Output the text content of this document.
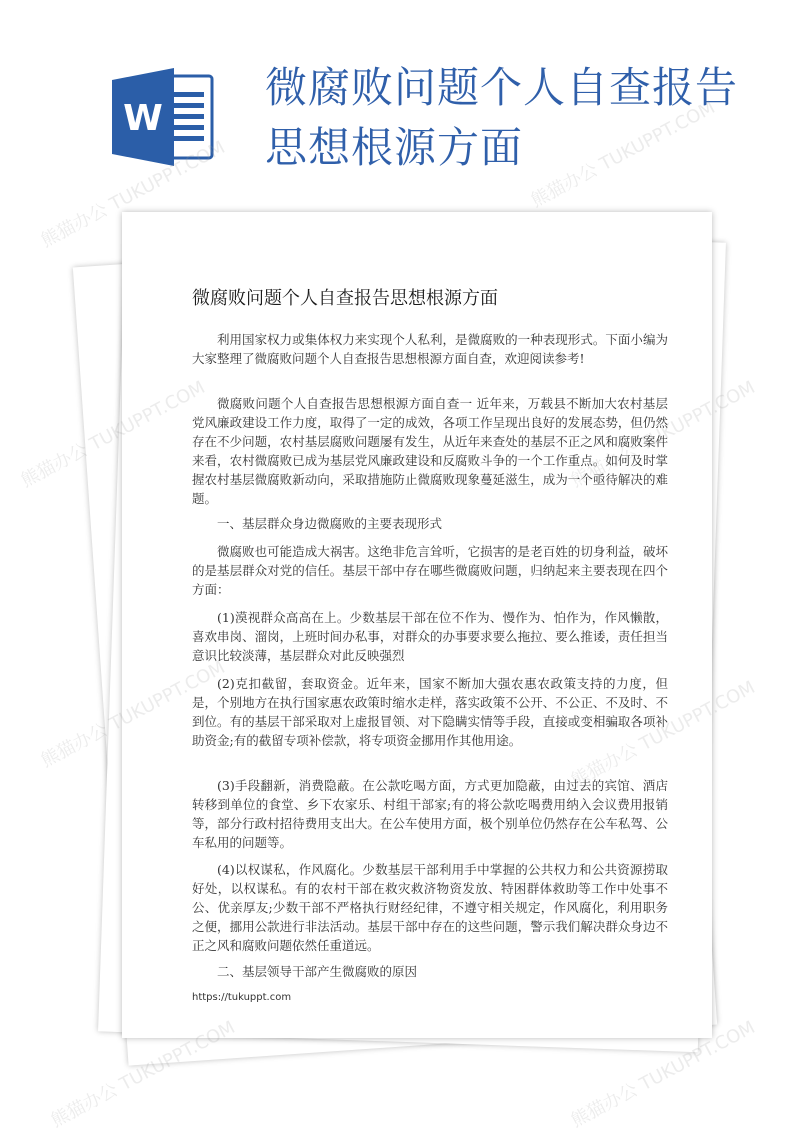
W
微腐败问题个人自查报告思想根源方面
微腐败问题个人自查报告思想根源方面

利用国家权力或集体权力来实现个人私利，是微腐败的一种表现形式。下面小编为大家整理了微腐败问题个人自查报告思想根源方面自查，欢迎阅读参考!

微腐败问题个人自查报告思想根源方面自查一 近年来，万载县不断加大农村基层党风廉政建设工作力度，取得了一定的成效，各项工作呈现出良好的发展态势，但仍然存在不少问题，农村基层腐败问题屡有发生，从近年来查处的基层不正之风和腐败案件来看，农村微腐败已成为基层党风廉政建设和反腐败斗争的一个工作重点。如何及时掌握农村基层微腐败新动向，采取措施防止微腐败现象蔓延滋生，成为一个亟待解决的难题。

一、基层群众身边微腐败的主要表现形式

微腐败也可能造成大祸害。这绝非危言耸听，它损害的是老百姓的切身利益，破坏的是基层群众对党的信任。基层干部中存在哪些微腐败问题，归纳起来主要表现在四个方面：

(1)漠视群众高高在上。少数基层干部在位不作为、慢作为、怕作为，作风懒散，喜欢串岗、溜岗，上班时间办私事，对群众的办事要求要么拖拉、要么推诿，责任担当意识比较淡薄，基层群众对此反映强烈

(2)克扣截留，套取资金。近年来，国家不断加大强农惠农政策支持的力度，但是，个别地方在执行国家惠农政策时缩水走样，落实政策不公开、不公正、不及时、不到位。有的基层干部采取对上虚报冒领、对下隐瞒实情等手段，直接或变相骗取各项补助资金;有的截留专项补偿款，将专项资金挪用作其他用途。

(3)手段翻新，消费隐蔽。在公款吃喝方面，方式更加隐蔽，由过去的宾馆、酒店转移到单位的食堂、乡下农家乐、村组干部家;有的将公款吃喝费用纳入会议费用报销等，部分行政村招待费用支出大。在公车使用方面，极个别单位仍然存在公车私驾、公车私用的问题等。

(4)以权谋私，作风腐化。少数基层干部利用手中掌握的公共权力和公共资源捞取好处，以权谋私。有的农村干部在救灾救济物资发放、特困群体救助等工作中处事不公、优亲厚友;少数干部不严格执行财经纪律，不遵守相关规定，作风腐化，利用职务之便，挪用公款进行非法活动。基层干部中存在的这些问题，警示我们解决群众身边不正之风和腐败问题依然任重道远。

二、基层领导干部产生微腐败的原因

https://tukuppt.com
熊猫办公 TUKUPPT.COM	熊猫办公 TUKUPPT.COM
熊猫办公
熊猫办公
熊猫办公 TUKUPPT.COM	熊猫办公 TUKUPPT.COM
